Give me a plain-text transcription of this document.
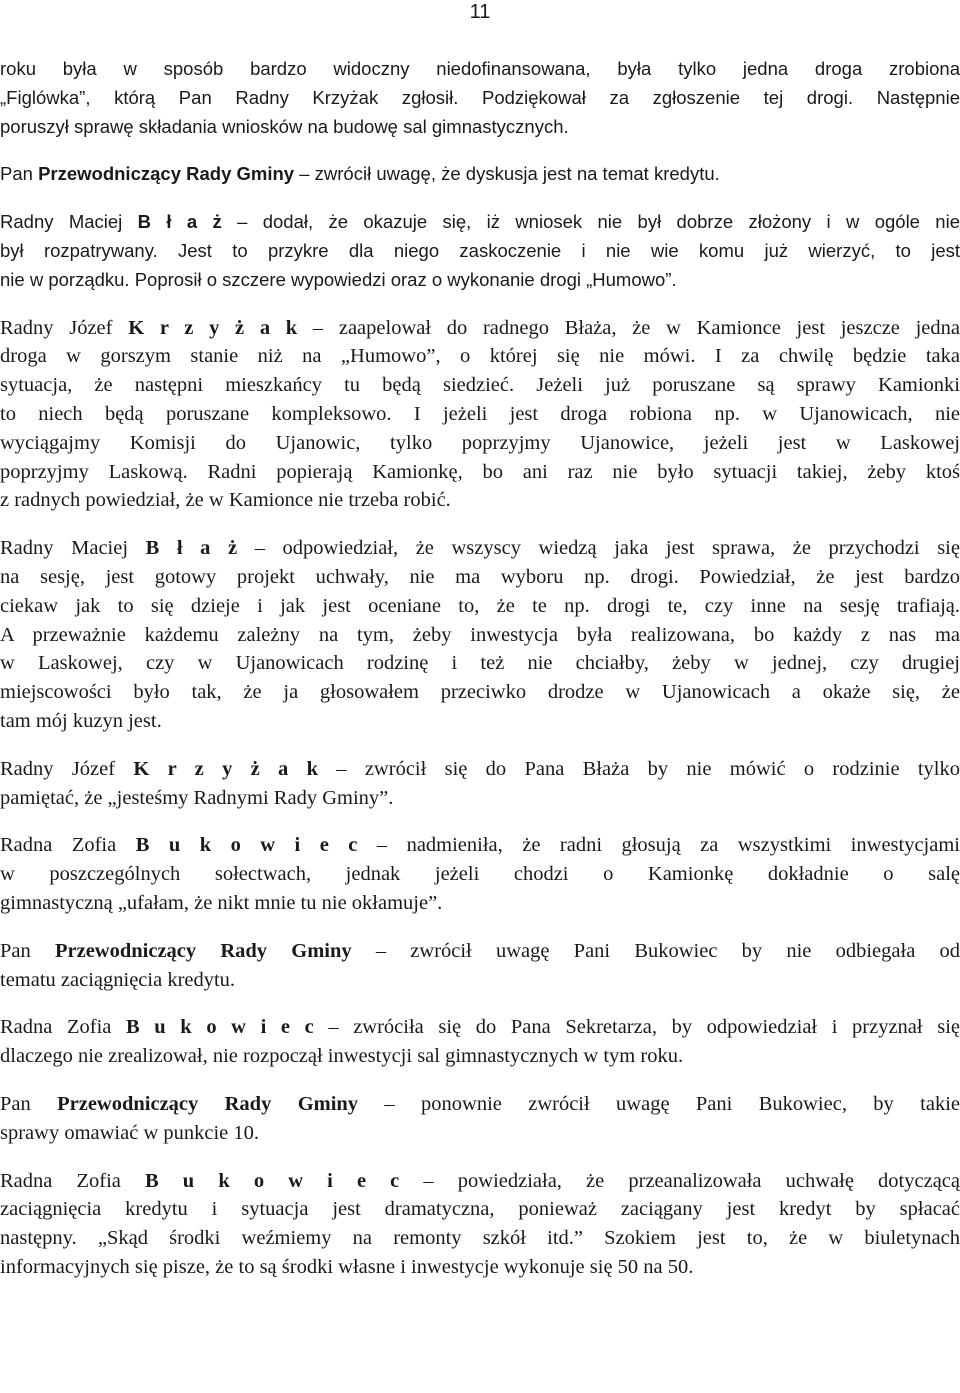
11
roku była w sposób bardzo widoczny niedofinansowana, była tylko jedna droga zrobiona
„Figlówka”, którą Pan Radny Krzyżak zgłosił. Podziękował za zgłoszenie tej drogi. Następnie
poruszył sprawę składania wniosków na budowę sal gimnastycznych.
Pan Przewodniczący Rady Gminy – zwrócił uwagę, że dyskusja jest na temat kredytu.
Radny Maciej B ł a ż – dodał, że okazuje się, iż wniosek nie był dobrze złożony i w ogóle nie
był rozpatrywany. Jest to przykre dla niego zaskoczenie i nie wie komu już wierzyć, to jest
nie w porządku. Poprosił o szczere wypowiedzi oraz o wykonanie drogi „Humowo”.
Radny Józef K r z y ż a k – zaapelował do radnego Błaża, że w Kamionce jest jeszcze jedna
droga w gorszym stanie niż na „Humowo”, o której się nie mówi. I za chwilę będzie taka
sytuacja, że następni mieszkańcy tu będą siedzieć. Jeżeli już poruszane są sprawy Kamionki
to niech będą poruszane kompleksowo. I jeżeli jest droga robiona np. w Ujanowicach, nie
wyciągajmy Komisji do Ujanowic, tylko poprzyjmy Ujanowice, jeżeli jest w Laskowej
poprzyjmy Laskową. Radni popierają Kamionkę, bo ani raz nie było sytuacji takiej, żeby ktoś
z radnych powiedział, że w Kamionce nie trzeba robić.
Radny Maciej B ł a ż – odpowiedział, że wszyscy wiedzą jaka jest sprawa, że przychodzi się
na sesję, jest gotowy projekt uchwały, nie ma wyboru np. drogi. Powiedział, że jest bardzo
ciekaw jak to się dzieje i jak jest oceniane to, że te np. drogi te, czy inne na sesję trafiają.
A przeważnie każdemu zależny na tym, żeby inwestycja była realizowana, bo każdy z nas ma
w Laskowej, czy w Ujanowicach rodzinę i też nie chciałby, żeby w jednej, czy drugiej
miejscowości było tak, że ja głosowałem przeciwko drodze w Ujanowicach a okaże się, że
tam mój kuzyn jest.
Radny Józef K r z y ż a k – zwrócił się do Pana Błaża by nie mówić o rodzinie tylko
pamiętać, że „jesteśmy Radnymi Rady Gminy”.
Radna Zofia B u k o w i e c – nadmieniła, że radni głosują za wszystkimi inwestycjami
w poszczególnych sołectwach, jednak jeżeli chodzi o Kamionkę dokładnie o salę
gimnastyczną „ufałam, że nikt mnie tu nie okłamuje”.
Pan Przewodniczący Rady Gminy – zwrócił uwagę Pani Bukowiec by nie odbiegała od
tematu zaciągnięcia kredytu.
Radna Zofia B u k o w i e c – zwróciła się do Pana Sekretarza, by odpowiedział i przyznał się
dlaczego nie zrealizował, nie rozpoczął inwestycji sal gimnastycznych w tym roku.
Pan Przewodniczący Rady Gminy – ponownie zwrócił uwagę Pani Bukowiec, by takie
sprawy omawiać w punkcie 10.
Radna Zofia B u k o w i e c – powiedziała, że przeanalizowała uchwałę dotyczącą
zaciągnięcia kredytu i sytuacja jest dramatyczna, ponieważ zaciągany jest kredyt by spłacać
następny. „Skąd środki weźmiemy na remonty szkół itd.” Szokiem jest to, że w biuletynach
informacyjnych się pisze, że to są środki własne i inwestycje wykonuje się 50 na 50.
